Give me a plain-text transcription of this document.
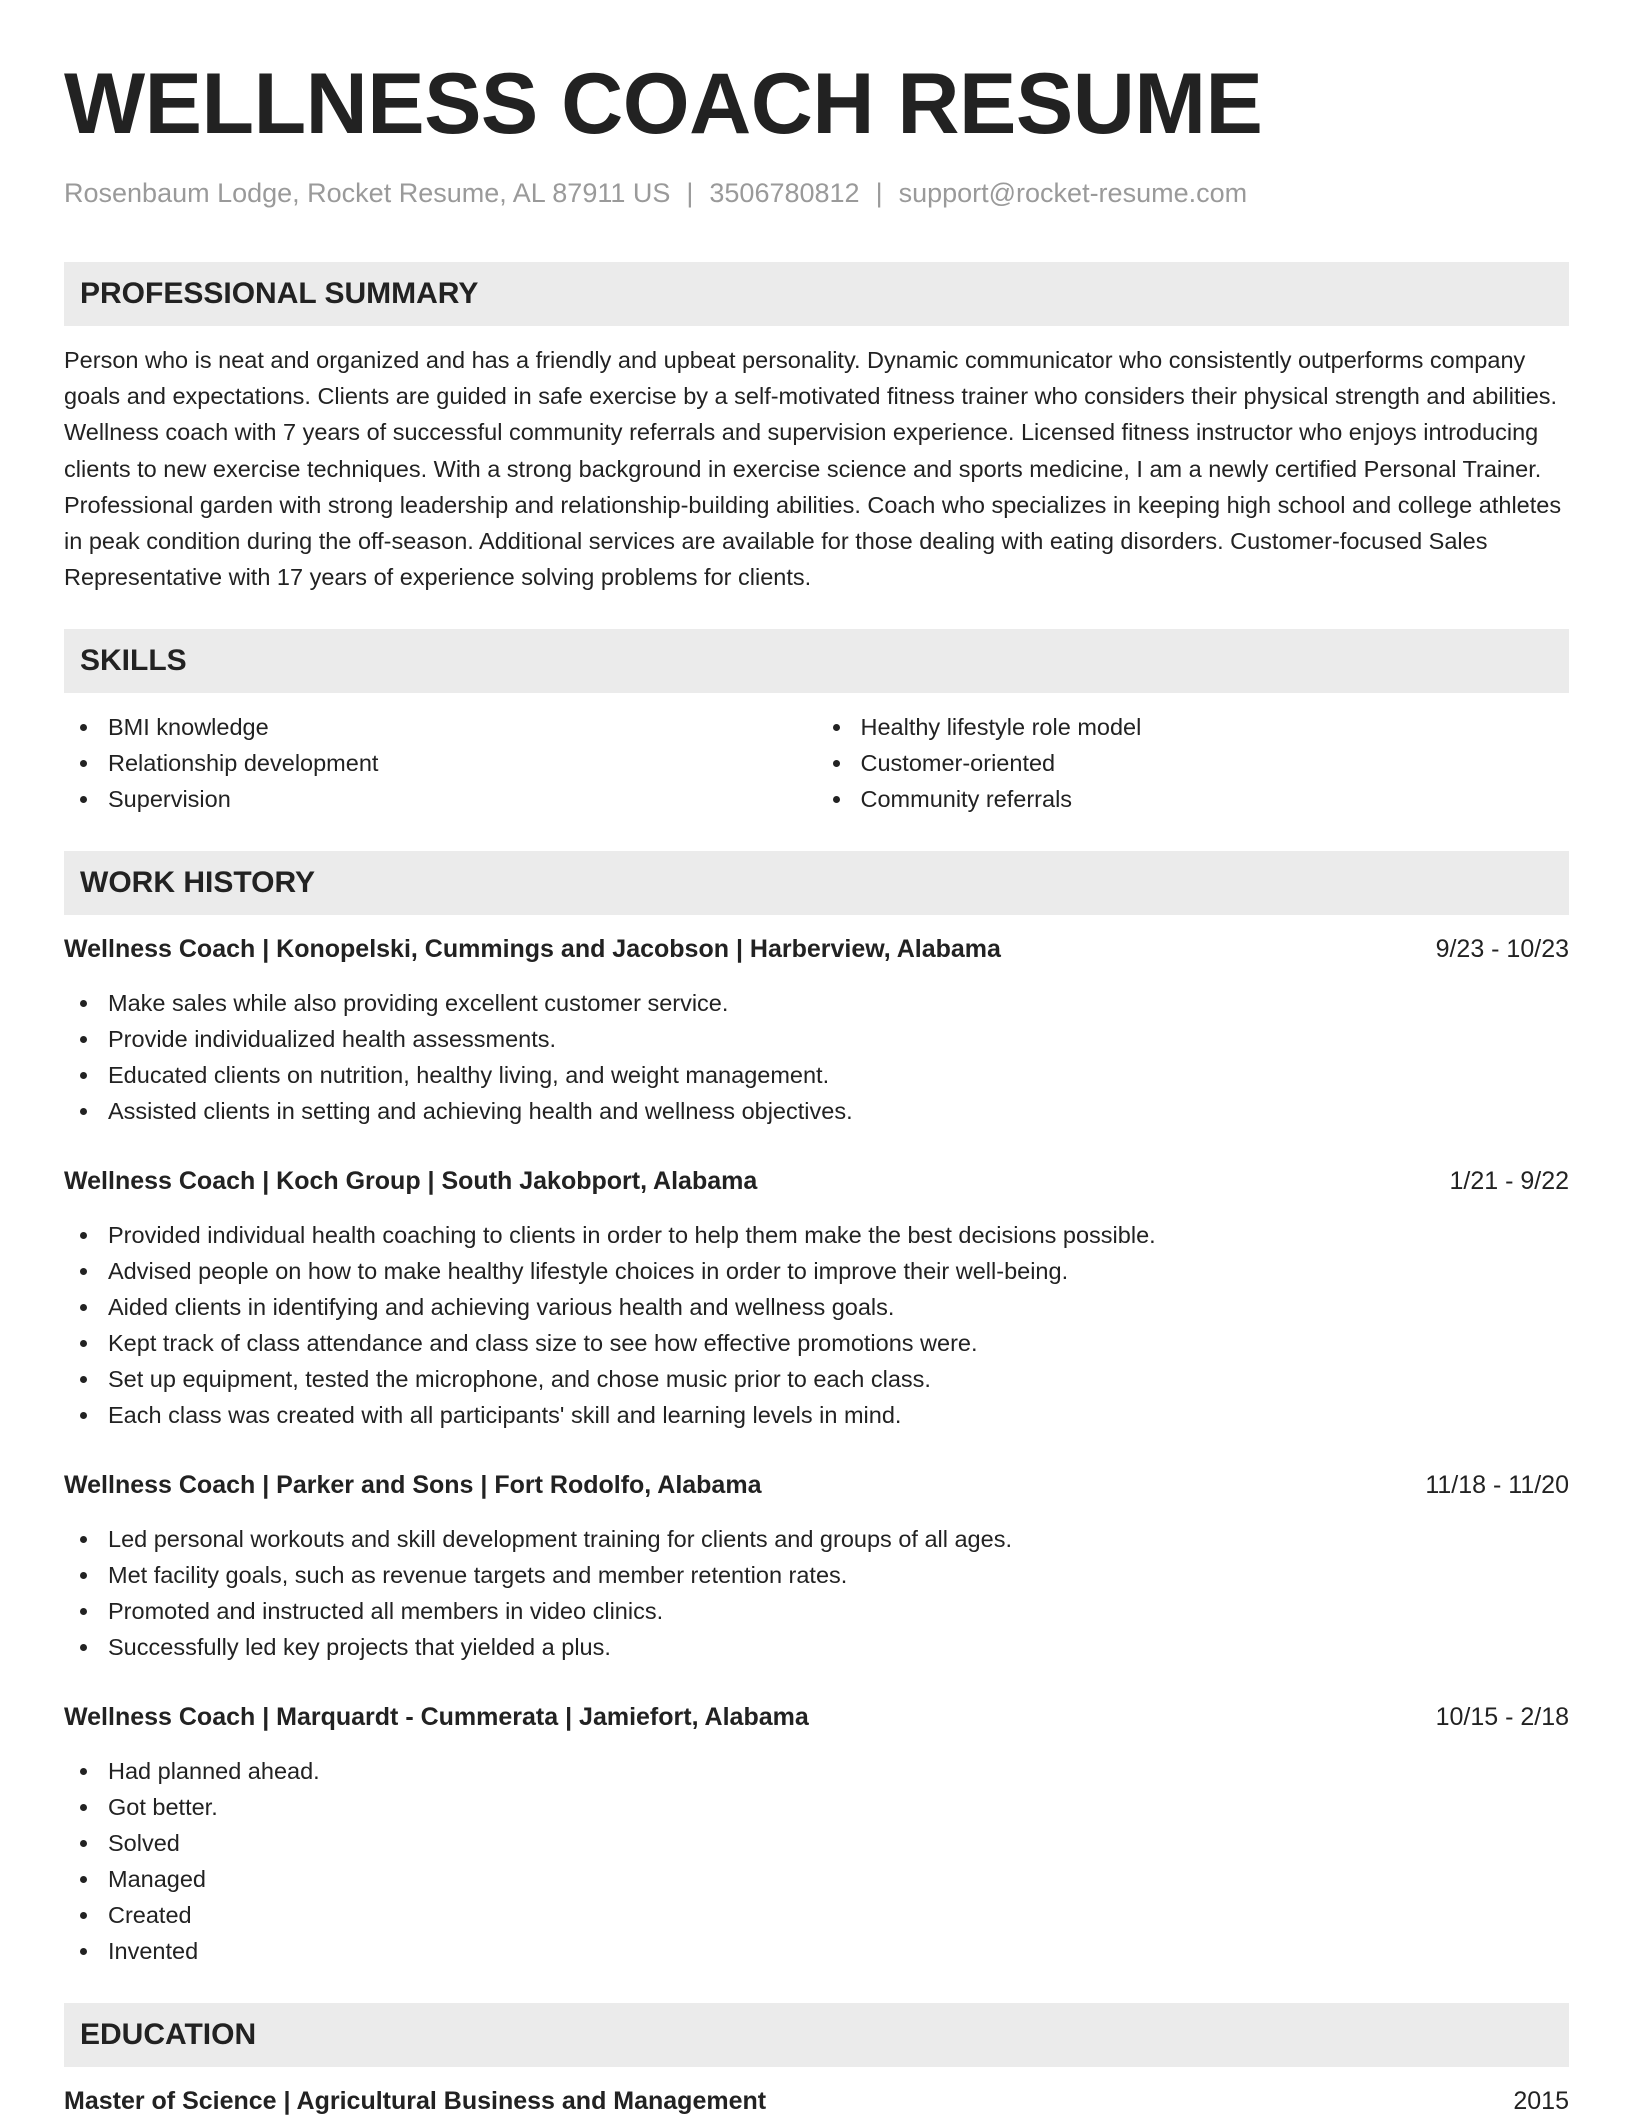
WELLNESS COACH RESUME
Rosenbaum Lodge, Rocket Resume, AL 87911 US | 3506780812 | support@rocket-resume.com
PROFESSIONAL SUMMARY
Person who is neat and organized and has a friendly and upbeat personality. Dynamic communicator who consistently outperforms company goals and expectations. Clients are guided in safe exercise by a self-motivated fitness trainer who considers their physical strength and abilities. Wellness coach with 7 years of successful community referrals and supervision experience. Licensed fitness instructor who enjoys introducing clients to new exercise techniques. With a strong background in exercise science and sports medicine, I am a newly certified Personal Trainer. Professional garden with strong leadership and relationship-building abilities. Coach who specializes in keeping high school and college athletes in peak condition during the off-season. Additional services are available for those dealing with eating disorders. Customer-focused Sales Representative with 17 years of experience solving problems for clients.
SKILLS
BMI knowledge
Relationship development
Supervision
Healthy lifestyle role model
Customer-oriented
Community referrals
WORK HISTORY
Wellness Coach | Konopelski, Cummings and Jacobson | Harberview, Alabama	9/23 - 10/23
Make sales while also providing excellent customer service.
Provide individualized health assessments.
Educated clients on nutrition, healthy living, and weight management.
Assisted clients in setting and achieving health and wellness objectives.
Wellness Coach | Koch Group | South Jakobport, Alabama	1/21 - 9/22
Provided individual health coaching to clients in order to help them make the best decisions possible.
Advised people on how to make healthy lifestyle choices in order to improve their well-being.
Aided clients in identifying and achieving various health and wellness goals.
Kept track of class attendance and class size to see how effective promotions were.
Set up equipment, tested the microphone, and chose music prior to each class.
Each class was created with all participants' skill and learning levels in mind.
Wellness Coach | Parker and Sons | Fort Rodolfo, Alabama	11/18 - 11/20
Led personal workouts and skill development training for clients and groups of all ages.
Met facility goals, such as revenue targets and member retention rates.
Promoted and instructed all members in video clinics.
Successfully led key projects that yielded a plus.
Wellness Coach | Marquardt - Cummerata | Jamiefort, Alabama	10/15 - 2/18
Had planned ahead.
Got better.
Solved
Managed
Created
Invented
EDUCATION
Master of Science | Agricultural Business and Management	2015
